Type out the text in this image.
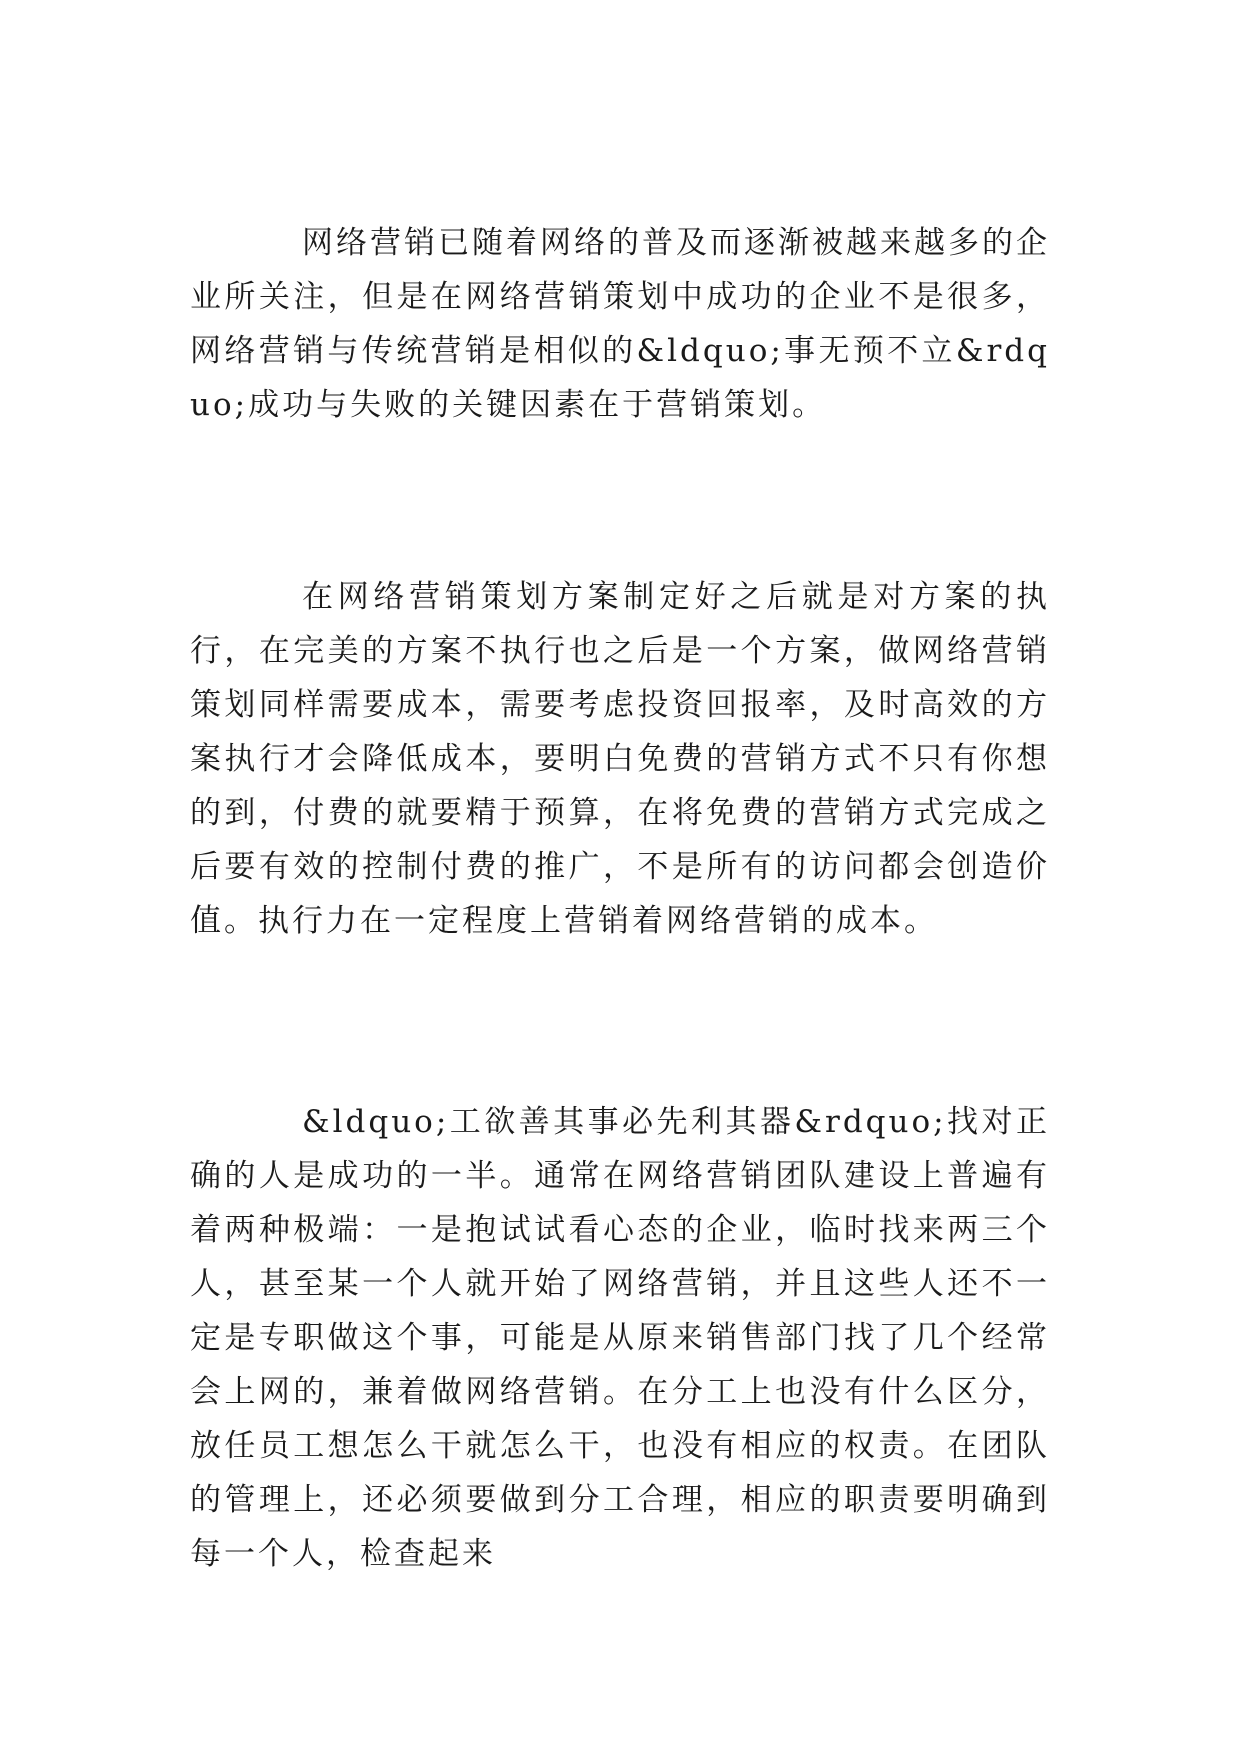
网络营销已随着网络的普及而逐渐被越来越多的企业所关注，但是在网络营销策划中成功的企业不是很多，网络营销与传统营销是相似的&ldquo;事无预不立&rdquo;成功与失败的关键因素在于营销策划。

在网络营销策划方案制定好之后就是对方案的执行，在完美的方案不执行也之后是一个方案，做网络营销策划同样需要成本，需要考虑投资回报率，及时高效的方案执行才会降低成本，要明白免费的营销方式不只有你想的到，付费的就要精于预算，在将免费的营销方式完成之后要有效的控制付费的推广，不是所有的访问都会创造价值。执行力在一定程度上营销着网络营销的成本。

&ldquo;工欲善其事必先利其器&rdquo;找对正确的人是成功的一半。通常在网络营销团队建设上普遍有着两种极端：一是抱试试看心态的企业，临时找来两三个人，甚至某一个人就开始了网络营销，并且这些人还不一定是专职做这个事，可能是从原来销售部门找了几个经常会上网的，兼着做网络营销。在分工上也没有什么区分，放任员工想怎么干就怎么干，也没有相应的权责。在团队的管理上，还必须要做到分工合理，相应的职责要明确到每一个人，检查起来
